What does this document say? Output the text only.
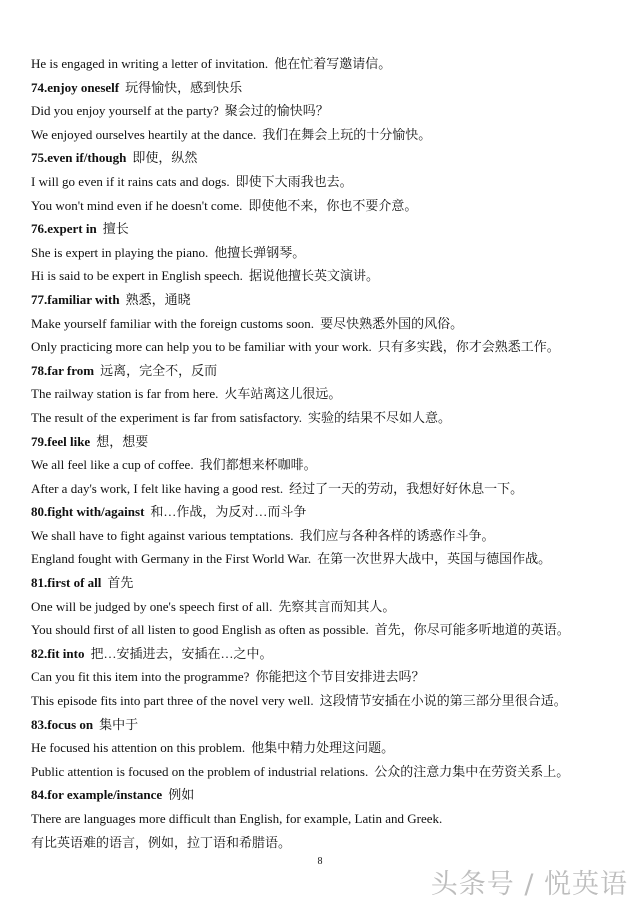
He is engaged in writing a letter of invitation. 他在忙着写邀请信。
74.enjoy oneself 玩得愉快，感到快乐
Did you enjoy yourself at the party? 聚会过的愉快吗？
We enjoyed ourselves heartily at the dance. 我们在舞会上玩的十分愉快。
75.even if/though 即使，纵然
I will go even if it rains cats and dogs. 即使下大雨我也去。
You won't mind even if he doesn't come. 即使他不来，你也不要介意。
76.expert in 擅长
She is expert in playing the piano. 他擅长弹钢琴。
Hi is said to be expert in English speech. 据说他擅长英文演讲。
77.familiar with 熟悉，通晓
Make yourself familiar with the foreign customs soon. 要尽快熟悉外国的风俗。
Only practicing more can help you to be familiar with your work. 只有多实践，你才会熟悉工作。
78.far from 远离，完全不，反而
The railway station is far from here. 火车站离这儿很远。
The result of the experiment is far from satisfactory. 实验的结果不尽如人意。
79.feel like 想，想要
We all feel like a cup of coffee. 我们都想来杯咖啡。
After a day's work, I felt like having a good rest. 经过了一天的劳动，我想好好休息一下。
80.fight with/against 和…作战，为反对…而斗争
We shall have to fight against various temptations. 我们应与各种各样的诱惑作斗争。
England fought with Germany in the First World War. 在第一次世界大战中，英国与德国作战。
81.first of all 首先
One will be judged by one's speech first of all. 先察其言而知其人。
You should first of all listen to good English as often as possible. 首先，你尽可能多听地道的英语。
82.fit into 把…安插进去，安插在…之中。
Can you fit this item into the programme? 你能把这个节目安排进去吗？
This episode fits into part three of the novel very well. 这段情节安插在小说的第三部分里很合适。
83.focus on 集中于
He focused his attention on this problem. 他集中精力处理这问题。
Public attention is focused on the problem of industrial relations. 公众的注意力集中在劳资关系上。
84.for example/instance 例如
There are languages more difficult than English, for example, Latin and Greek.
有比英语难的语言，例如，拉丁语和希腊语。
8
头条号 / 悦英语
